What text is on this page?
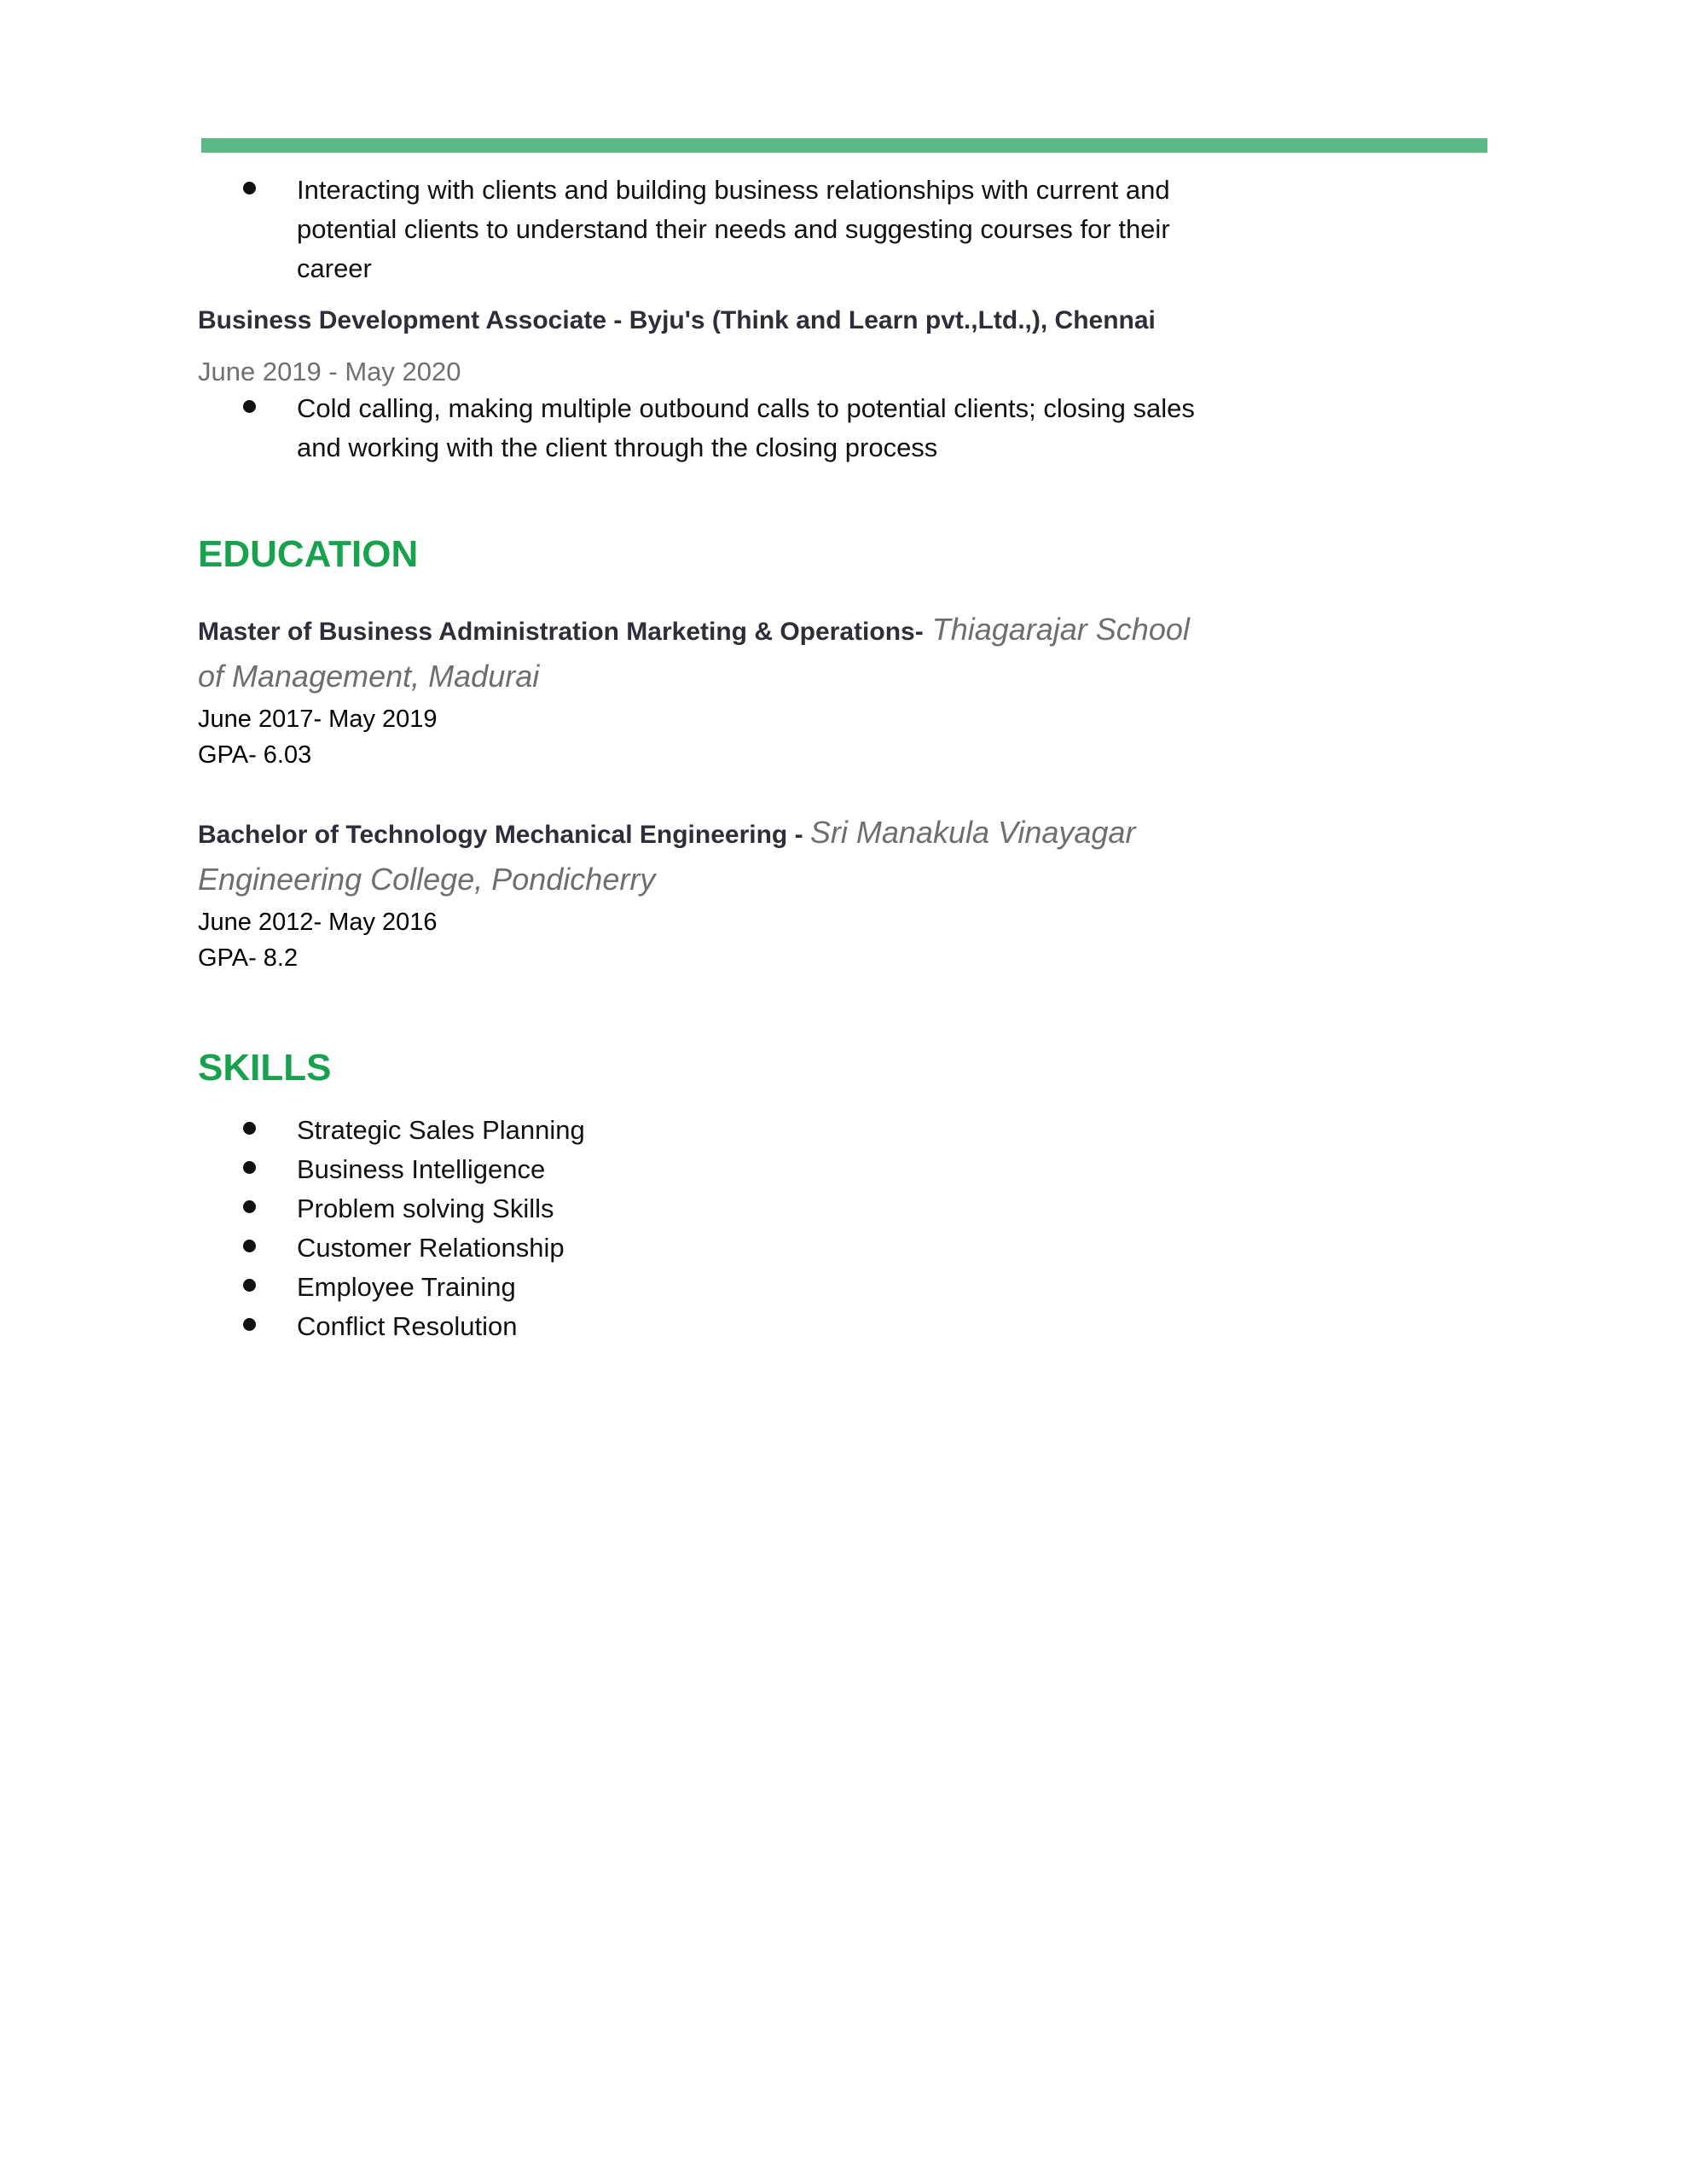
Interacting with clients and building business relationships with current and
potential clients to understand their needs and suggesting courses for their
career
Business Development Associate - Byju's (Think and Learn pvt.,Ltd.,), Chennai
June 2019 - May 2020
Cold calling, making multiple outbound calls to potential clients; closing sales
and working with the client through the closing process
EDUCATION
Master of Business Administration Marketing & Operations- Thiagarajar School
of Management, Madurai
June 2017- May 2019
GPA- 6.03
Bachelor of Technology Mechanical Engineering - Sri Manakula Vinayagar
Engineering College, Pondicherry
June 2012- May 2016
GPA- 8.2
SKILLS
Strategic Sales Planning
Business Intelligence
Problem solving Skills
Customer Relationship
Employee Training
Conflict Resolution
